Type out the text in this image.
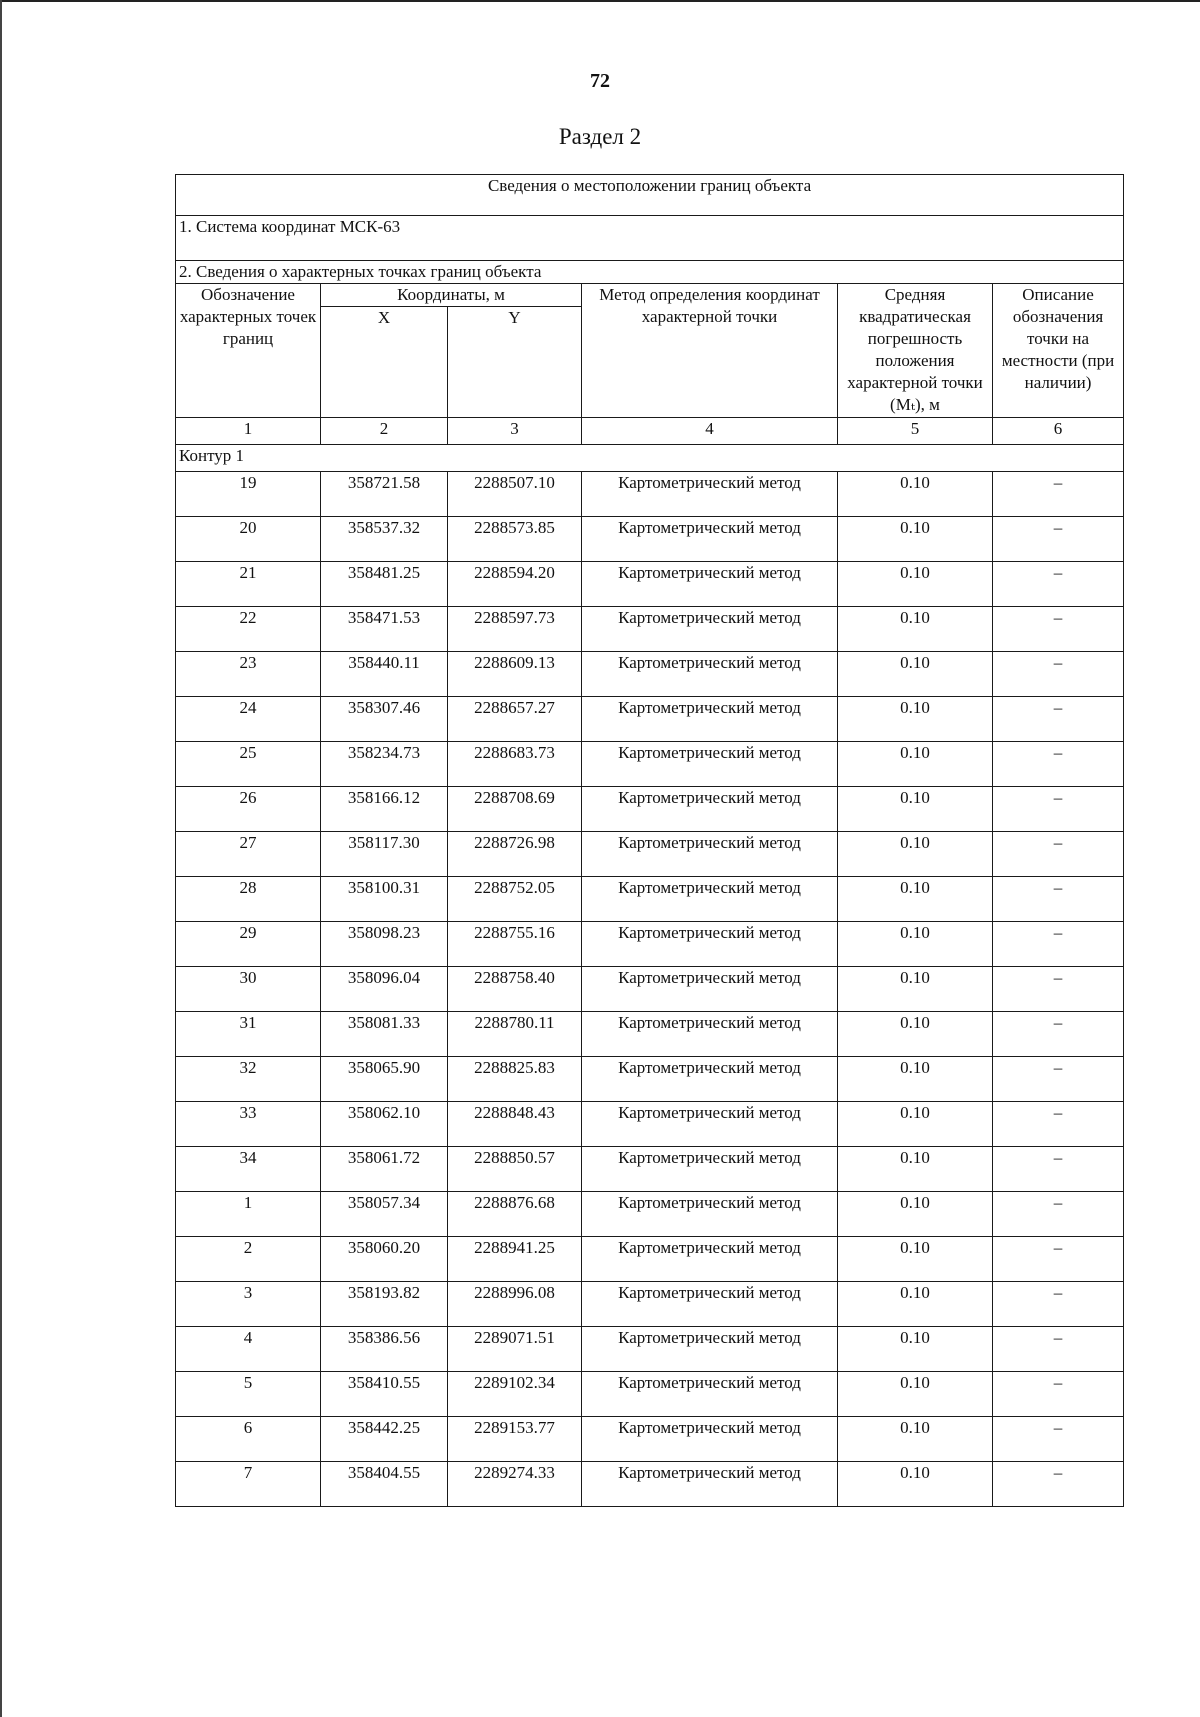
72
Раздел 2
Сведения о местоположении границ объекта					
1. Система координат МСК-63					
2. Сведения о характерных точках границ объекта					
Обозначение характерных точек границ	Координаты, м		Метод определения координат характерной точки	Средняя квадратическая погрешность положения характерной точки (Mₜ), м	Описание обозначения точки на местности (при наличии)
	X	Y			
1	2	3	4	5	6
Контур 1					
19	358721.58	2288507.10	Картометрический метод	0.10	–
20	358537.32	2288573.85	Картометрический метод	0.10	–
21	358481.25	2288594.20	Картометрический метод	0.10	–
22	358471.53	2288597.73	Картометрический метод	0.10	–
23	358440.11	2288609.13	Картометрический метод	0.10	–
24	358307.46	2288657.27	Картометрический метод	0.10	–
25	358234.73	2288683.73	Картометрический метод	0.10	–
26	358166.12	2288708.69	Картометрический метод	0.10	–
27	358117.30	2288726.98	Картометрический метод	0.10	–
28	358100.31	2288752.05	Картометрический метод	0.10	–
29	358098.23	2288755.16	Картометрический метод	0.10	–
30	358096.04	2288758.40	Картометрический метод	0.10	–
31	358081.33	2288780.11	Картометрический метод	0.10	–
32	358065.90	2288825.83	Картометрический метод	0.10	–
33	358062.10	2288848.43	Картометрический метод	0.10	–
34	358061.72	2288850.57	Картометрический метод	0.10	–
1	358057.34	2288876.68	Картометрический метод	0.10	–
2	358060.20	2288941.25	Картометрический метод	0.10	–
3	358193.82	2288996.08	Картометрический метод	0.10	–
4	358386.56	2289071.51	Картометрический метод	0.10	–
5	358410.55	2289102.34	Картометрический метод	0.10	–
6	358442.25	2289153.77	Картометрический метод	0.10	–
7	358404.55	2289274.33	Картометрический метод	0.10	–
